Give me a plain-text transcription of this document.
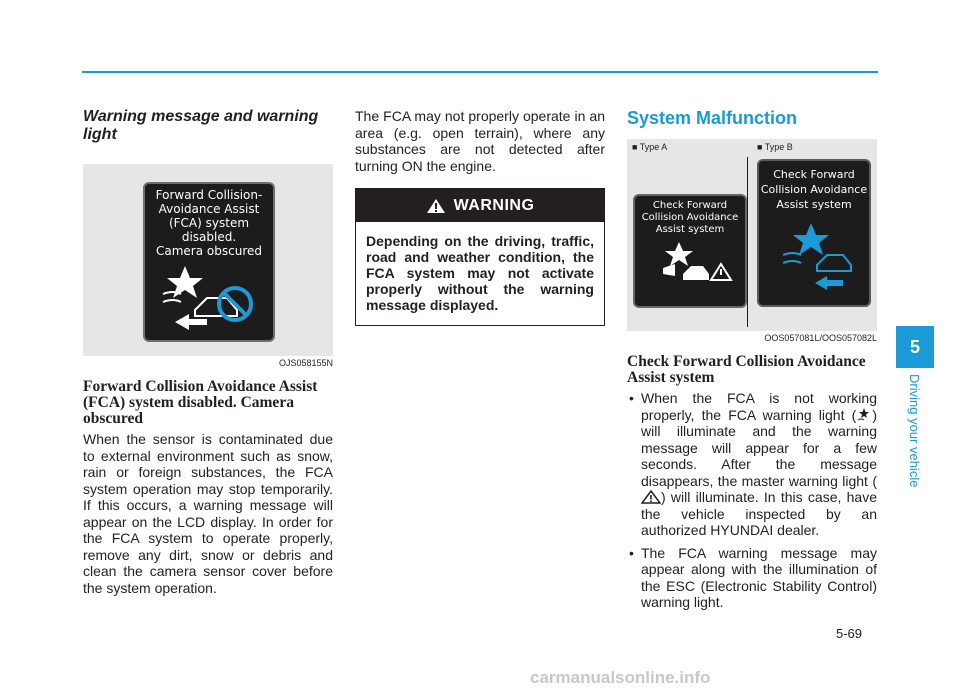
Warning message and warning light

Forward Collision-
Avoidance Assist
(FCA) system
disabled.
Camera obscured
OJS058155N

Forward Collision Avoidance Assist (FCA) system disabled. Camera obscured

When the sensor is contaminated due to external environment such as snow, rain or foreign substances, the FCA system operation may stop temporarily. If this occurs, a warning message will appear on the LCD display. In order for the FCA system to operate properly, remove any dirt, snow or debris and clean the camera sensor cover before the system operation.

The FCA may not properly operate in an area (e.g. open terrain), where any substances are not detected after turning ON the engine.

WARNING
Depending on the driving, traffic, road and weather condition, the FCA system may not activate properly without the warning message displayed.

System Malfunction

■ Type A	■ Type B
Check Forward
Collision Avoidance
Assist system
Check Forward
Collision Avoidance
Assist system
OOS057081L/OOS057082L

Check Forward Collision Avoidance Assist system

• When the FCA is not working properly, the FCA warning light ( ) will illuminate and the warning message will appear for a few seconds. After the message disappears, the master warning light () will illuminate. In this case, have the vehicle inspected by an authorized HYUNDAI dealer.
• The FCA warning message may appear along with the illumination of the ESC (Electronic Stability Control) warning light.
5
Driving your vehicle
5-69
carmanualsonline.info
